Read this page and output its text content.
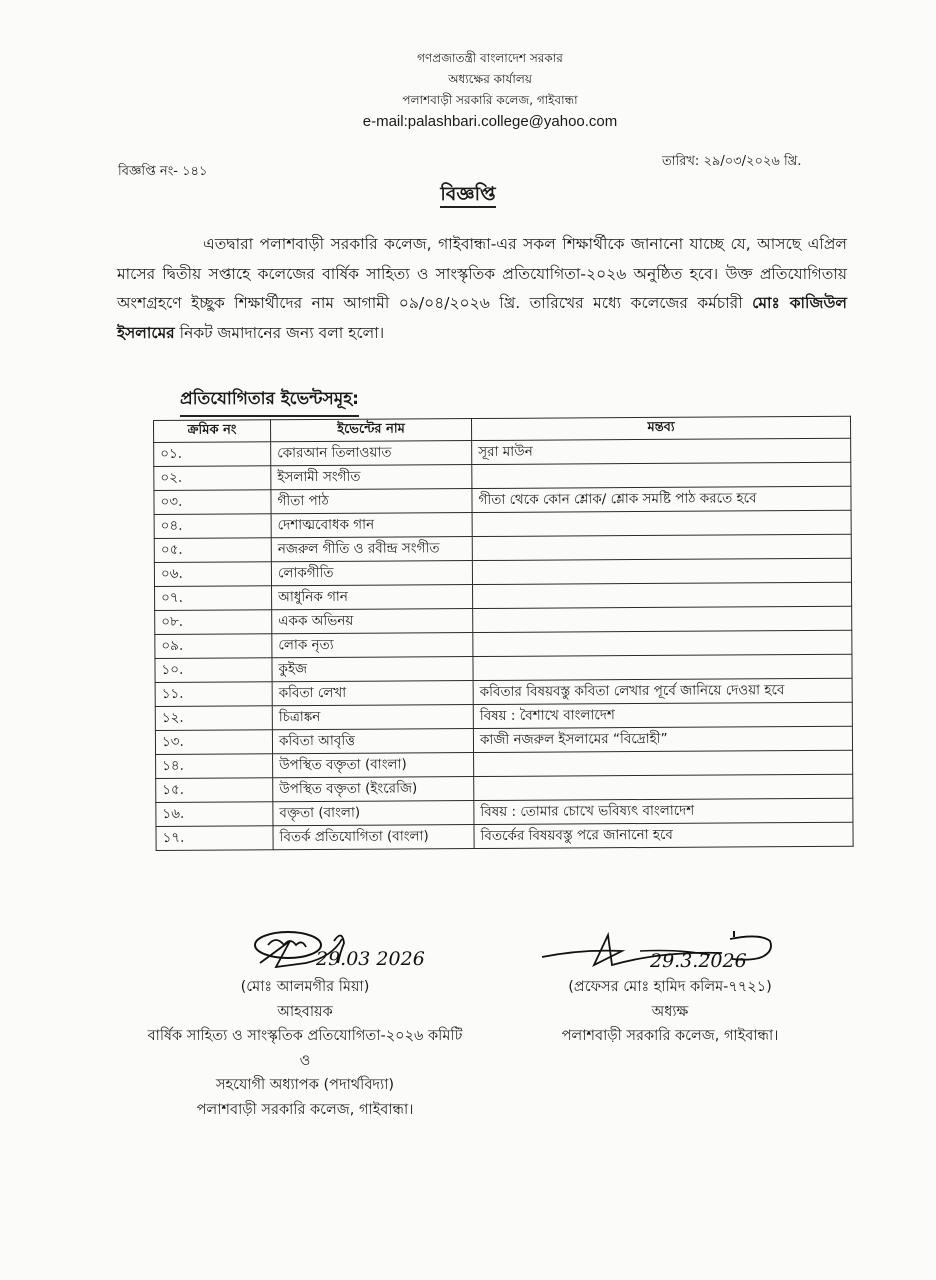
গণপ্রজাতন্ত্রী বাংলাদেশ সরকার
অধ্যক্ষের কার্যালয়
পলাশবাড়ী সরকারি কলেজ, গাইবান্ধা
e-mail:palashbari.college@yahoo.com
বিজ্ঞপ্তি নং- ১৪১
তারিখ: ২৯/০৩/২০২৬ খ্রি.
বিজ্ঞপ্তি
এতদ্বারা পলাশবাড়ী সরকারি কলেজ, গাইবান্ধা-এর সকল শিক্ষার্থীকে জানানো যাচ্ছে যে, আসছে এপ্রিল মাসের দ্বিতীয় সপ্তাহে কলেজের বার্ষিক সাহিত্য ও সাংস্কৃতিক প্রতিযোগিতা-২০২৬ অনুষ্ঠিত হবে। উক্ত প্রতিযোগিতায় অংশগ্রহণে ইচ্ছুক শিক্ষার্থীদের নাম আগামী ০৯/০৪/২০২৬ খ্রি. তারিখের মধ্যে কলেজের কর্মচারী মোঃ কাজিউল ইসলামের নিকট জমাদানের জন্য বলা হলো।
প্রতিযোগিতার ইভেন্টসমূহ:
ক্রমিক নং	ইভেন্টের নাম	মন্তব্য
০১.	কোরআন তিলাওয়াত	সূরা মাউন
০২.	ইসলামী সংগীত	
০৩.	গীতা পাঠ	গীতা থেকে কোন শ্লোক/ শ্লোক সমষ্টি পাঠ করতে হবে
০৪.	দেশাত্মবোধক গান	
০৫.	নজরুল গীতি ও রবীন্দ্র সংগীত	
০৬.	লোকগীতি	
০৭.	আধুনিক গান	
০৮.	একক অভিনয়	
০৯.	লোক নৃত্য	
১০.	কুইজ	
১১.	কবিতা লেখা	কবিতার বিষয়বস্তু কবিতা লেখার পূর্বে জানিয়ে দেওয়া হবে
১২.	চিত্রাঙ্কন	বিষয় : বৈশাখে বাংলাদেশ
১৩.	কবিতা আবৃত্তি	কাজী নজরুল ইসলামের “বিদ্রোহী”
১৪.	উপস্থিত বক্তৃতা (বাংলা)	
১৫.	উপস্থিত বক্তৃতা (ইংরেজি)	
১৬.	বক্তৃতা (বাংলা)	বিষয় : তোমার চোখে ভবিষ্যৎ বাংলাদেশ
১৭.	বিতর্ক প্রতিযোগিতা (বাংলা)	বিতর্কের বিষয়বস্তু পরে জানানো হবে
29.03 2026
(মোঃ আলমগীর মিয়া)
আহবায়ক
বার্ষিক সাহিত্য ও সাংস্কৃতিক প্রতিযোগিতা-২০২৬ কমিটি
ও
সহযোগী অধ্যাপক (পদার্থবিদ্যা)
পলাশবাড়ী সরকারি কলেজ, গাইবান্ধা।
29.3.2026
(প্রফেসর মোঃ হামিদ কলিম-৭৭২১)
অধ্যক্ষ
পলাশবাড়ী সরকারি কলেজ, গাইবান্ধা।
